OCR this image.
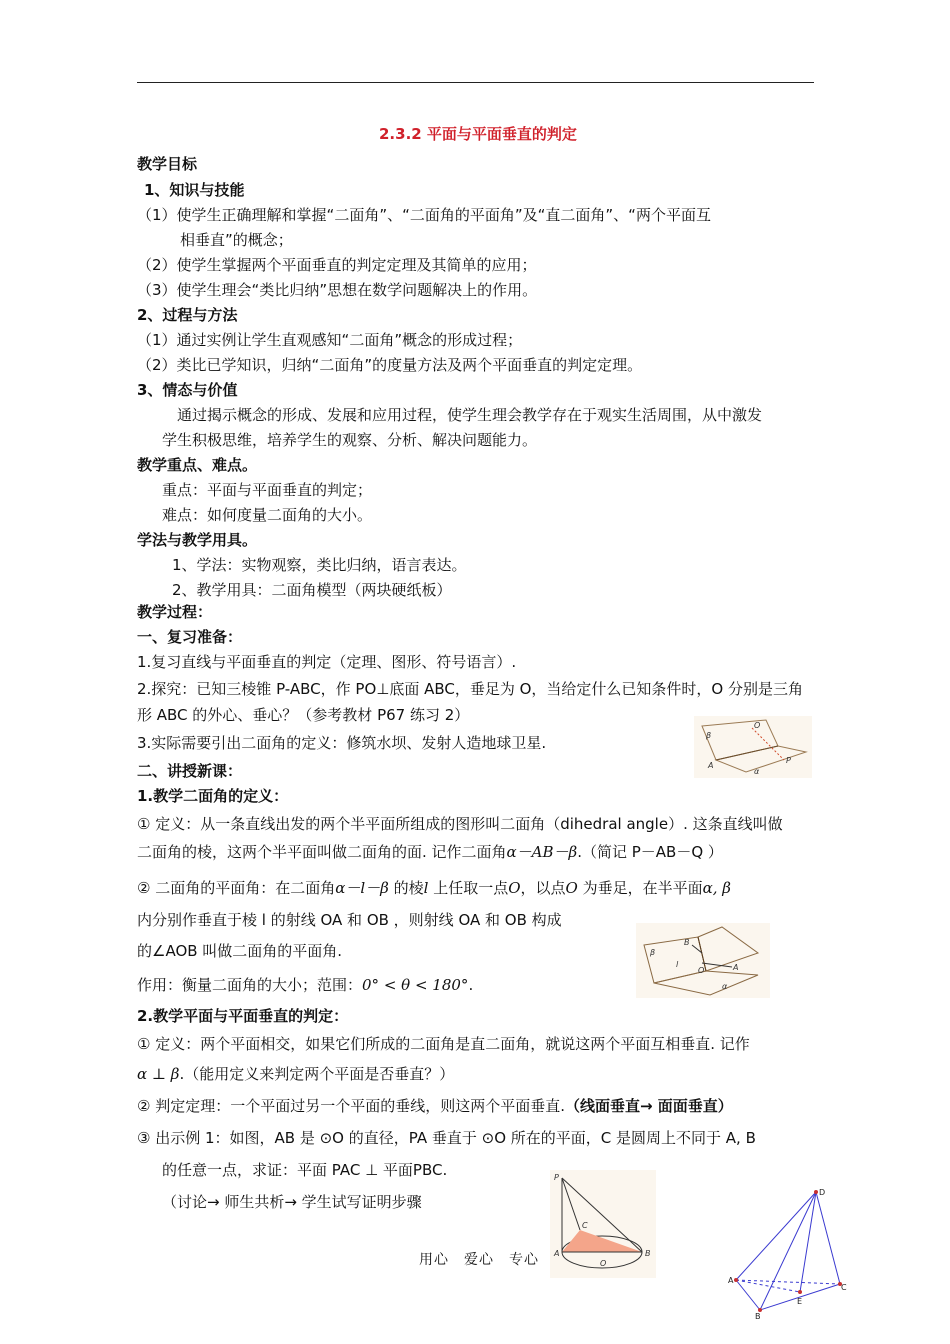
2.3.2 平面与平面垂直的判定
教学目标
1、知识与技能
（1）使学生正确理解和掌握“二面角”、“二面角的平面角”及“直二面角”、“两个平面互
相垂直”的概念；
（2）使学生掌握两个平面垂直的判定定理及其简单的应用；
（3）使学生理会“类比归纳”思想在数学问题解决上的作用。
2、过程与方法
（1）通过实例让学生直观感知“二面角”概念的形成过程；
（2）类比已学知识，归纳“二面角”的度量方法及两个平面垂直的判定定理。
3、情态与价值
通过揭示概念的形成、发展和应用过程，使学生理会教学存在于观实生活周围，从中激发
学生积极思维，培养学生的观察、分析、解决问题能力。
教学重点、难点。
重点：平面与平面垂直的判定；
难点：如何度量二面角的大小。
学法与教学用具。
1、学法：实物观察，类比归纳，语言表达。
2、教学用具：二面角模型（两块硬纸板）
教学过程：
一、复习准备：
1.复习直线与平面垂直的判定（定理、图形、符号语言）.
2.探究：已知三棱锥 P-ABC，作 PO⊥底面 ABC，垂足为 O，当给定什么已知条件时，O 分别是三角
形 ABC 的外心、垂心？（参考教材 P67 练习 2）
3.实际需要引出二面角的定义：修筑水坝、发射人造地球卫星.	β
O
A
α
P
二、讲授新课：
1.教学二面角的定义：
① 定义：从一条直线出发的两个半平面所组成的图形叫二面角（dihedral angle）. 这条直线叫做
二面角的棱，这两个半平面叫做二面角的面. 记作二面角α－AB－β.（简记 P－AB－Q ）
② 二面角的平面角：在二面角α－l－β 的棱l 上任取一点O，以点O 为垂足，在半平面α, β
内分别作垂直于棱 l 的射线 OA 和 OB ，则射线 OA 和 OB 构成
的∠AOB 叫做二面角的平面角.	β
B
l
O	A
α
作用：衡量二面角的大小；范围：0° < θ < 180°.
2.教学平面与平面垂直的判定：
① 定义：两个平面相交，如果它们所成的二面角是直二面角，就说这两个平面互相垂直. 记作
α ⊥ β.（能用定义来判定两个平面是否垂直？）
② 判定定理：一个平面过另一个平面的垂线，则这两个平面垂直.（线面垂直→ 面面垂直）
③ 出示例 1：如图，AB 是 ⊙O 的直径，PA 垂直于 ⊙O 所在的平面，C 是圆周上不同于 A, B
的任意一点，求证：平面 PAC ⊥ 平面PBC.
（讨论→ 师生共析→ 学生试写证明步骤
P
C
A
O
B
D
A
C
E
B
用心　爱心　专心
